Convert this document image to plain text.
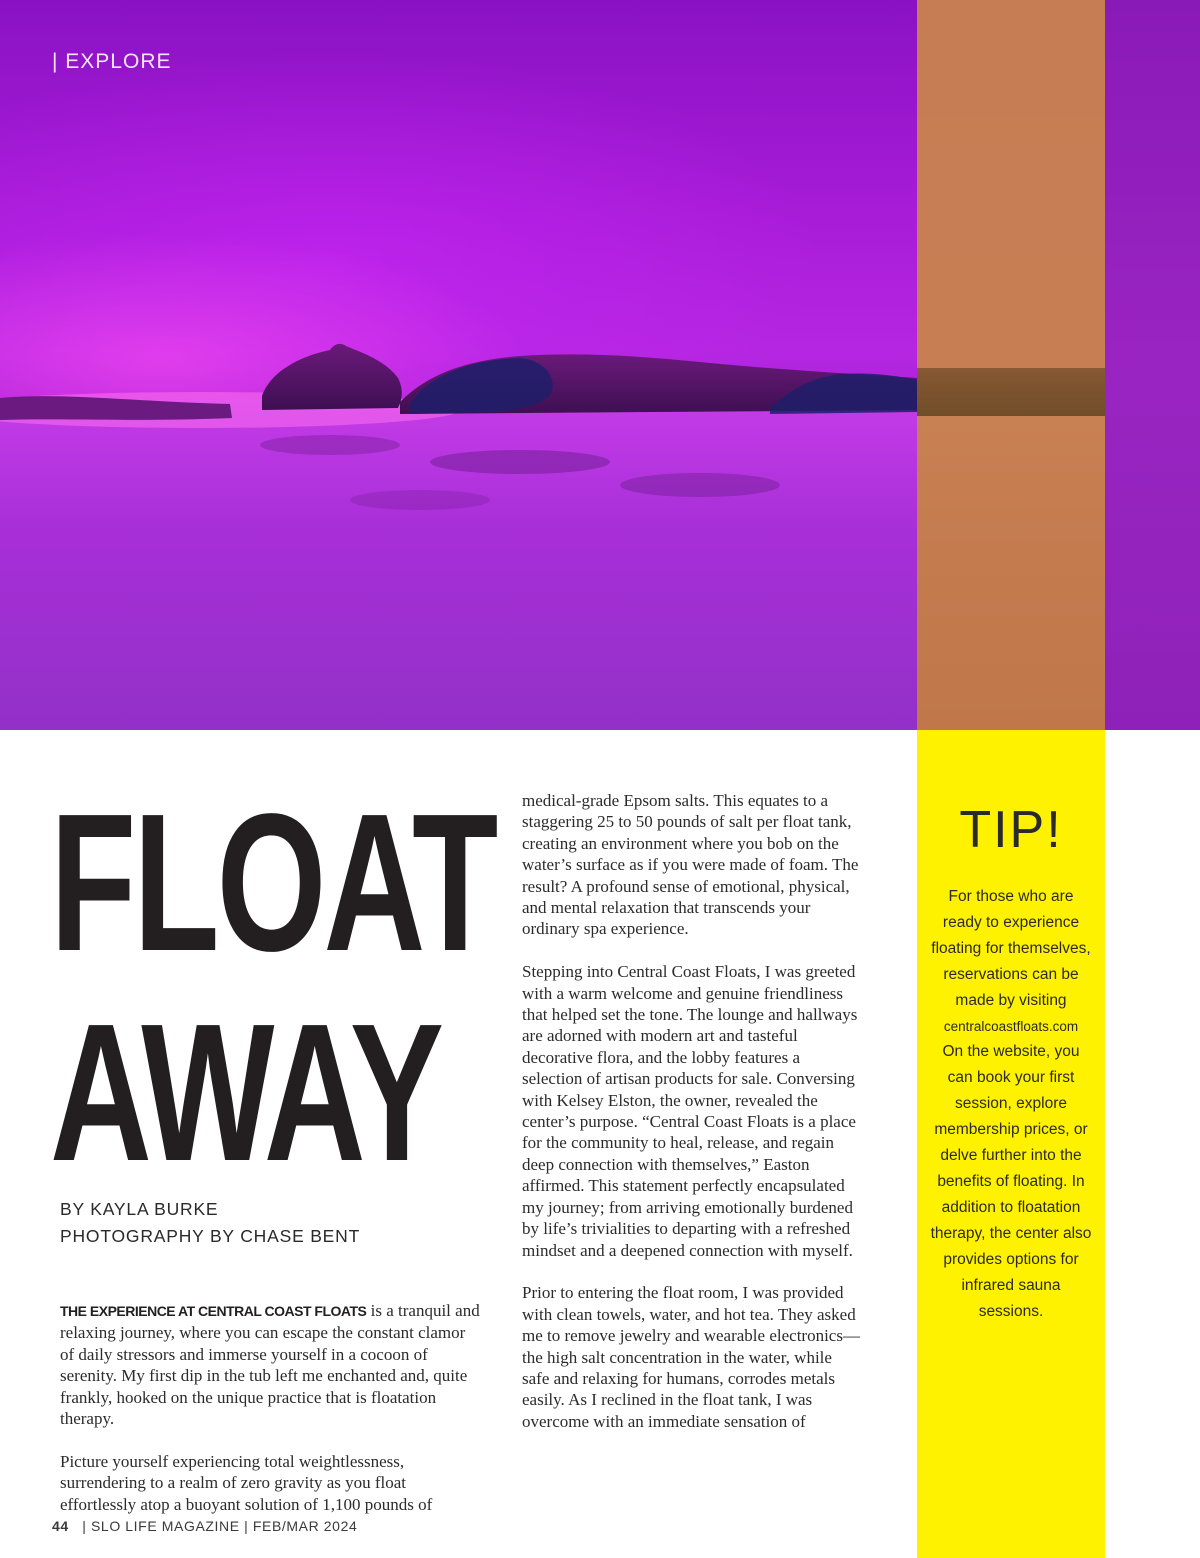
| EXPLORE
TIP!
For those who are ready to experience floating for themselves, reservations can be made by visiting
centralcoastfloats.com
On the website, you can book your first session, explore membership prices, or delve further into the benefits of floating. In addition to floatation therapy, the center also provides options for infrared sauna sessions.
FLOAT
AWAY
BY KAYLA BURKE
PHOTOGRAPHY BY CHASE BENT

THE EXPERIENCE AT CENTRAL COAST FLOATS is a tranquil and relaxing journey, where you can escape the constant clamor of daily stressors and immerse yourself in a cocoon of serenity. My first dip in the tub left me enchanted and, quite frankly, hooked on the unique practice that is floatation therapy.

Picture yourself experiencing total weightlessness, surrendering to a realm of zero gravity as you float effortlessly atop a buoyant solution of 1,100 pounds of

medical-grade Epsom salts. This equates to a staggering 25 to 50 pounds of salt per float tank, creating an environment where you bob on the water’s surface as if you were made of foam. The result? A profound sense of emotional, physical, and mental relaxation that transcends your ordinary spa experience.

Stepping into Central Coast Floats, I was greeted with a warm welcome and genuine friendliness that helped set the tone. The lounge and hallways are adorned with modern art and tasteful decorative flora, and the lobby features a selection of artisan products for sale. Conversing with Kelsey Elston, the owner, revealed the center’s purpose. “Central Coast Floats is a place for the community to heal, release, and regain deep connection with themselves,” Easton affirmed. This statement perfectly encapsulated my journey; from arriving emotionally burdened by life’s trivialities to departing with a refreshed mindset and a deepened connection with myself.

Prior to entering the float room, I was provided with clean towels, water, and hot tea. They asked me to remove jewelry and wearable electronics—the high salt concentration in the water, while safe and relaxing for humans, corrodes metals easily. As I reclined in the float tank, I was overcome with an immediate sensation of

44 | SLO LIFE MAGAZINE | FEB/MAR 2024
